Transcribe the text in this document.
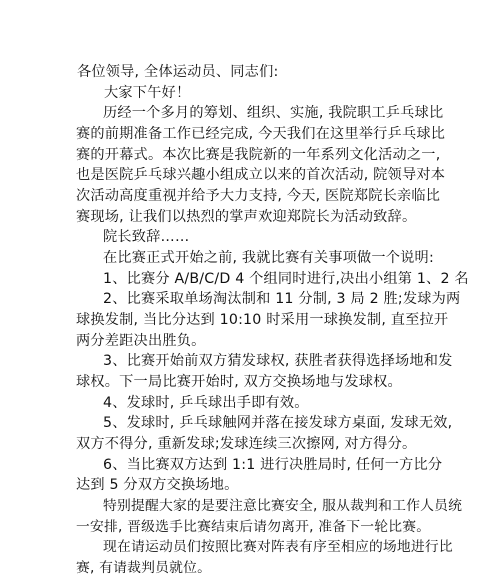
各位领导, 全体运动员、同志们:
大家下午好！
历经一个多月的筹划、组织、实施, 我院职工乒乓球比
赛的前期准备工作已经完成, 今天我们在这里举行乒乓球比
赛的开幕式。本次比赛是我院新的一年系列文化活动之一,
也是医院乒乓球兴趣小组成立以来的首次活动, 院领导对本
次活动高度重视并给予大力支持, 今天, 医院郑院长亲临比
赛现场, 让我们以热烈的掌声欢迎郑院长为活动致辞。
院长致辞……
在比赛正式开始之前, 我就比赛有关事项做一个说明:
1、比赛分 A/B/C/D 4 个组同时进行,决出小组第 1、2 名
2、比赛采取单场淘汰制和 11 分制, 3 局 2 胜;发球为两
球换发制, 当比分达到 10:10 时采用一球换发制, 直至拉开
两分差距决出胜负。
3、比赛开始前双方猜发球权, 获胜者获得选择场地和发
球权。下一局比赛开始时, 双方交换场地与发球权。
4、发球时, 乒乓球出手即有效。
5、发球时, 乒乓球触网并落在接发球方桌面, 发球无效,
双方不得分, 重新发球;发球连续三次擦网, 对方得分。
6、当比赛双方达到 1:1 进行决胜局时, 任何一方比分
达到 5 分双方交换场地。
特别提醒大家的是要注意比赛安全, 服从裁判和工作人员统
一安排, 晋级选手比赛结束后请勿离开, 准备下一轮比赛。
现在请运动员们按照比赛对阵表有序至相应的场地进行比
赛, 有请裁判员就位。
